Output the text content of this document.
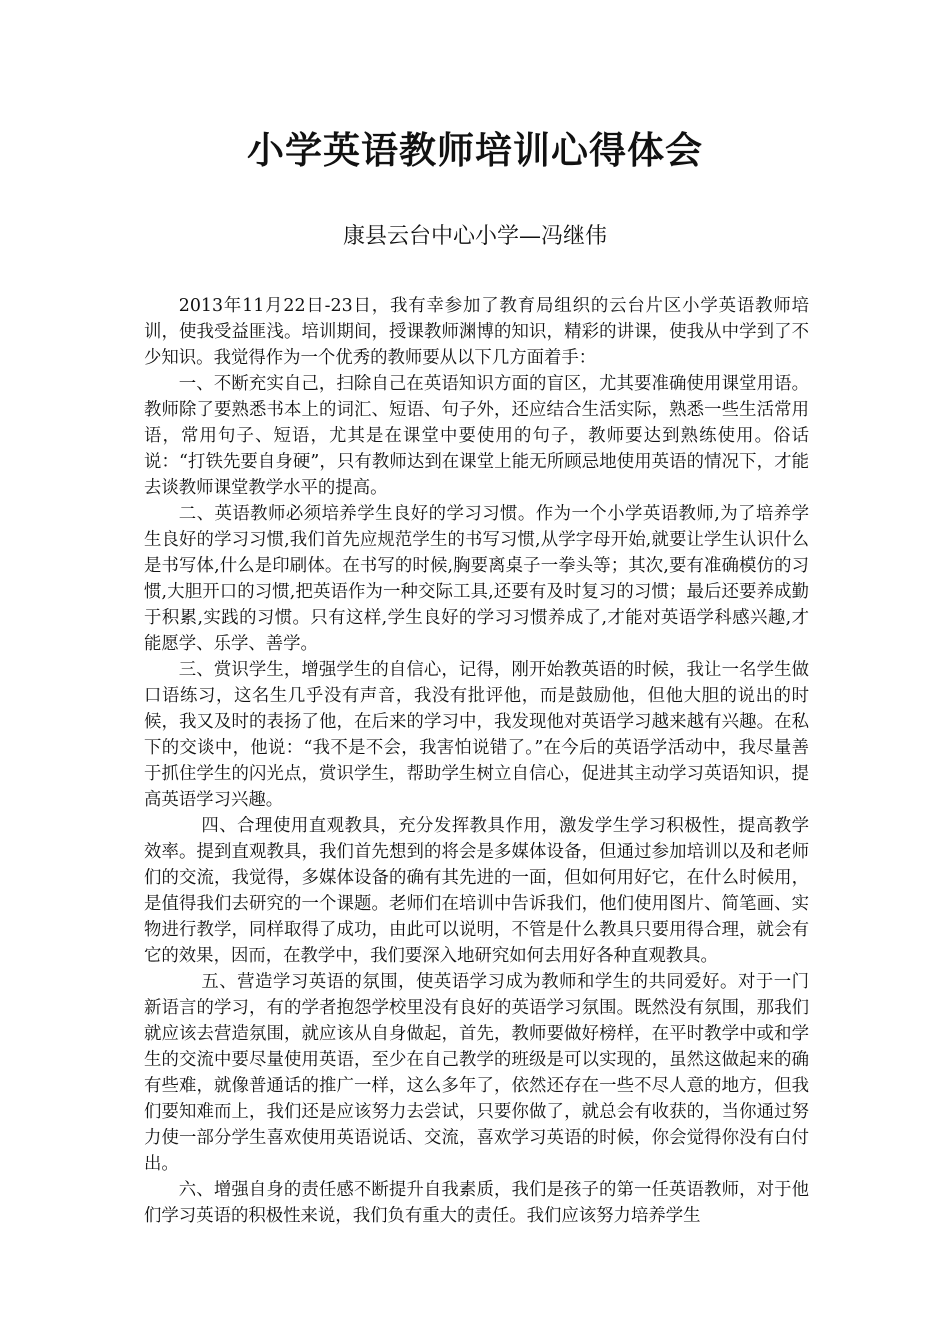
小学英语教师培训心得体会

康县云台中心小学—冯继伟

2013年11月22日-23日，我有幸参加了教育局组织的云台片区小学英语教师培训，使我受益匪浅。培训期间，授课教师渊博的知识，精彩的讲课，使我从中学到了不少知识。我觉得作为一个优秀的教师要从以下几方面着手：

一、不断充实自己，扫除自己在英语知识方面的盲区，尤其要准确使用课堂用语。教师除了要熟悉书本上的词汇、短语、句子外，还应结合生活实际，熟悉一些生活常用语，常用句子、短语，尤其是在课堂中要使用的句子，教师要达到熟练使用。俗话说：“打铁先要自身硬”，只有教师达到在课堂上能无所顾忌地使用英语的情况下，才能去谈教师课堂教学水平的提高。

二、英语教师必须培养学生良好的学习习惯。作为一个小学英语教师,为了培养学生良好的学习习惯,我们首先应规范学生的书写习惯,从学字母开始,就要让学生认识什么是书写体,什么是印刷体。在书写的时候,胸要离桌子一拳头等；其次,要有准确模仿的习惯,大胆开口的习惯,把英语作为一种交际工具,还要有及时复习的习惯；最后还要养成勤于积累,实践的习惯。只有这样,学生良好的学习习惯养成了,才能对英语学科感兴趣,才能愿学、乐学、善学。

三、赏识学生，增强学生的自信心，记得，刚开始教英语的时候，我让一名学生做口语练习，这名生几乎没有声音，我没有批评他，而是鼓励他，但他大胆的说出的时候，我又及时的表扬了他，在后来的学习中，我发现他对英语学习越来越有兴趣。在私下的交谈中，他说：“我不是不会，我害怕说错了。”在今后的英语学活动中，我尽量善于抓住学生的闪光点，赏识学生，帮助学生树立自信心，促进其主动学习英语知识，提高英语学习兴趣。

四、合理使用直观教具，充分发挥教具作用，激发学生学习积极性，提高教学效率。提到直观教具，我们首先想到的将会是多媒体设备，但通过参加培训以及和老师们的交流，我觉得，多媒体设备的确有其先进的一面，但如何用好它，在什么时候用，是值得我们去研究的一个课题。老师们在培训中告诉我们，他们使用图片、简笔画、实物进行教学，同样取得了成功，由此可以说明，不管是什么教具只要用得合理，就会有它的效果，因而，在教学中，我们要深入地研究如何去用好各种直观教具。

五、营造学习英语的氛围，使英语学习成为教师和学生的共同爱好。对于一门新语言的学习，有的学者抱怨学校里没有良好的英语学习氛围。既然没有氛围，那我们就应该去营造氛围，就应该从自身做起，首先，教师要做好榜样，在平时教学中或和学生的交流中要尽量使用英语，至少在自己教学的班级是可以实现的，虽然这做起来的确有些难，就像普通话的推广一样，这么多年了，依然还存在一些不尽人意的地方，但我们要知难而上，我们还是应该努力去尝试，只要你做了，就总会有收获的，当你通过努力使一部分学生喜欢使用英语说话、交流，喜欢学习英语的时候，你会觉得你没有白付出。

六、增强自身的责任感不断提升自我素质，我们是孩子的第一任英语教师，对于他们学习英语的积极性来说，我们负有重大的责任。我们应该努力培养学生
